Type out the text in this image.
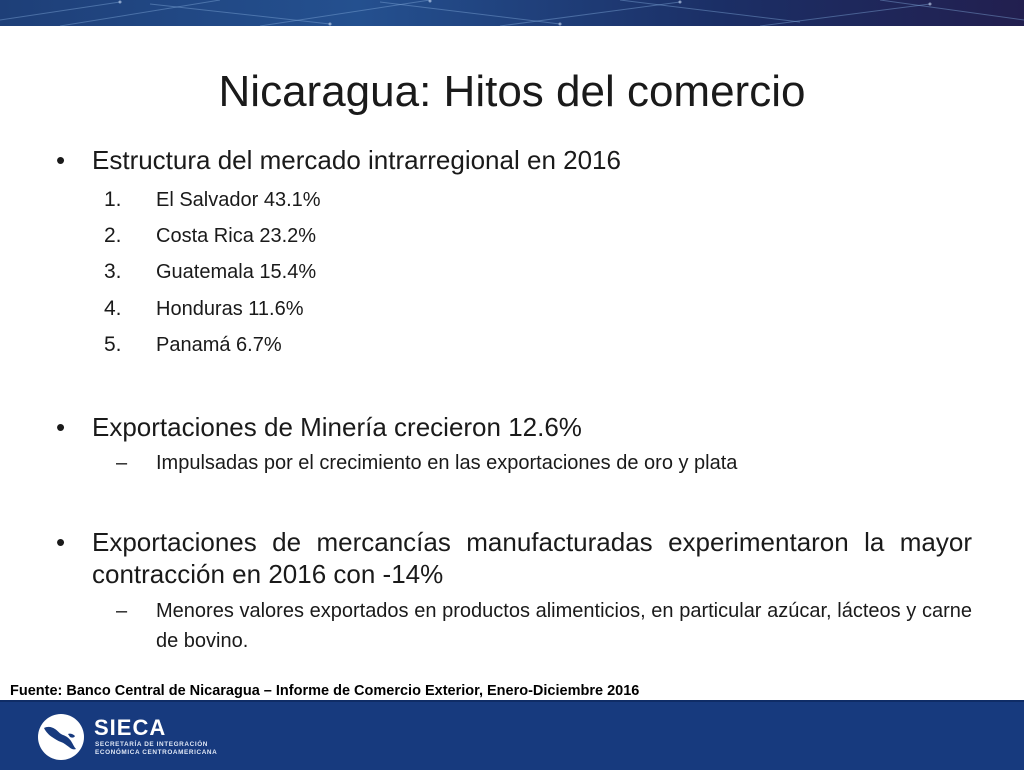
Nicaragua: Hitos del comercio
• Estructura del mercado intrarregional en 2016
1. El Salvador 43.1%
2. Costa Rica 23.2%
3. Guatemala 15.4%
4. Honduras 11.6%
5. Panamá 6.7%
• Exportaciones de Minería crecieron 12.6%
– Impulsadas por el crecimiento en las exportaciones de oro y plata
• Exportaciones de mercancías manufacturadas experimentaron la mayor contracción en 2016 con -14%
– Menores valores exportados en productos alimenticios, en particular azúcar, lácteos y carne de bovino.
Fuente: Banco Central de Nicaragua – Informe de Comercio Exterior, Enero-Diciembre 2016
SIECA
SECRETARÍA DE INTEGRACIÓN
ECONÓMICA CENTROAMERICANA
